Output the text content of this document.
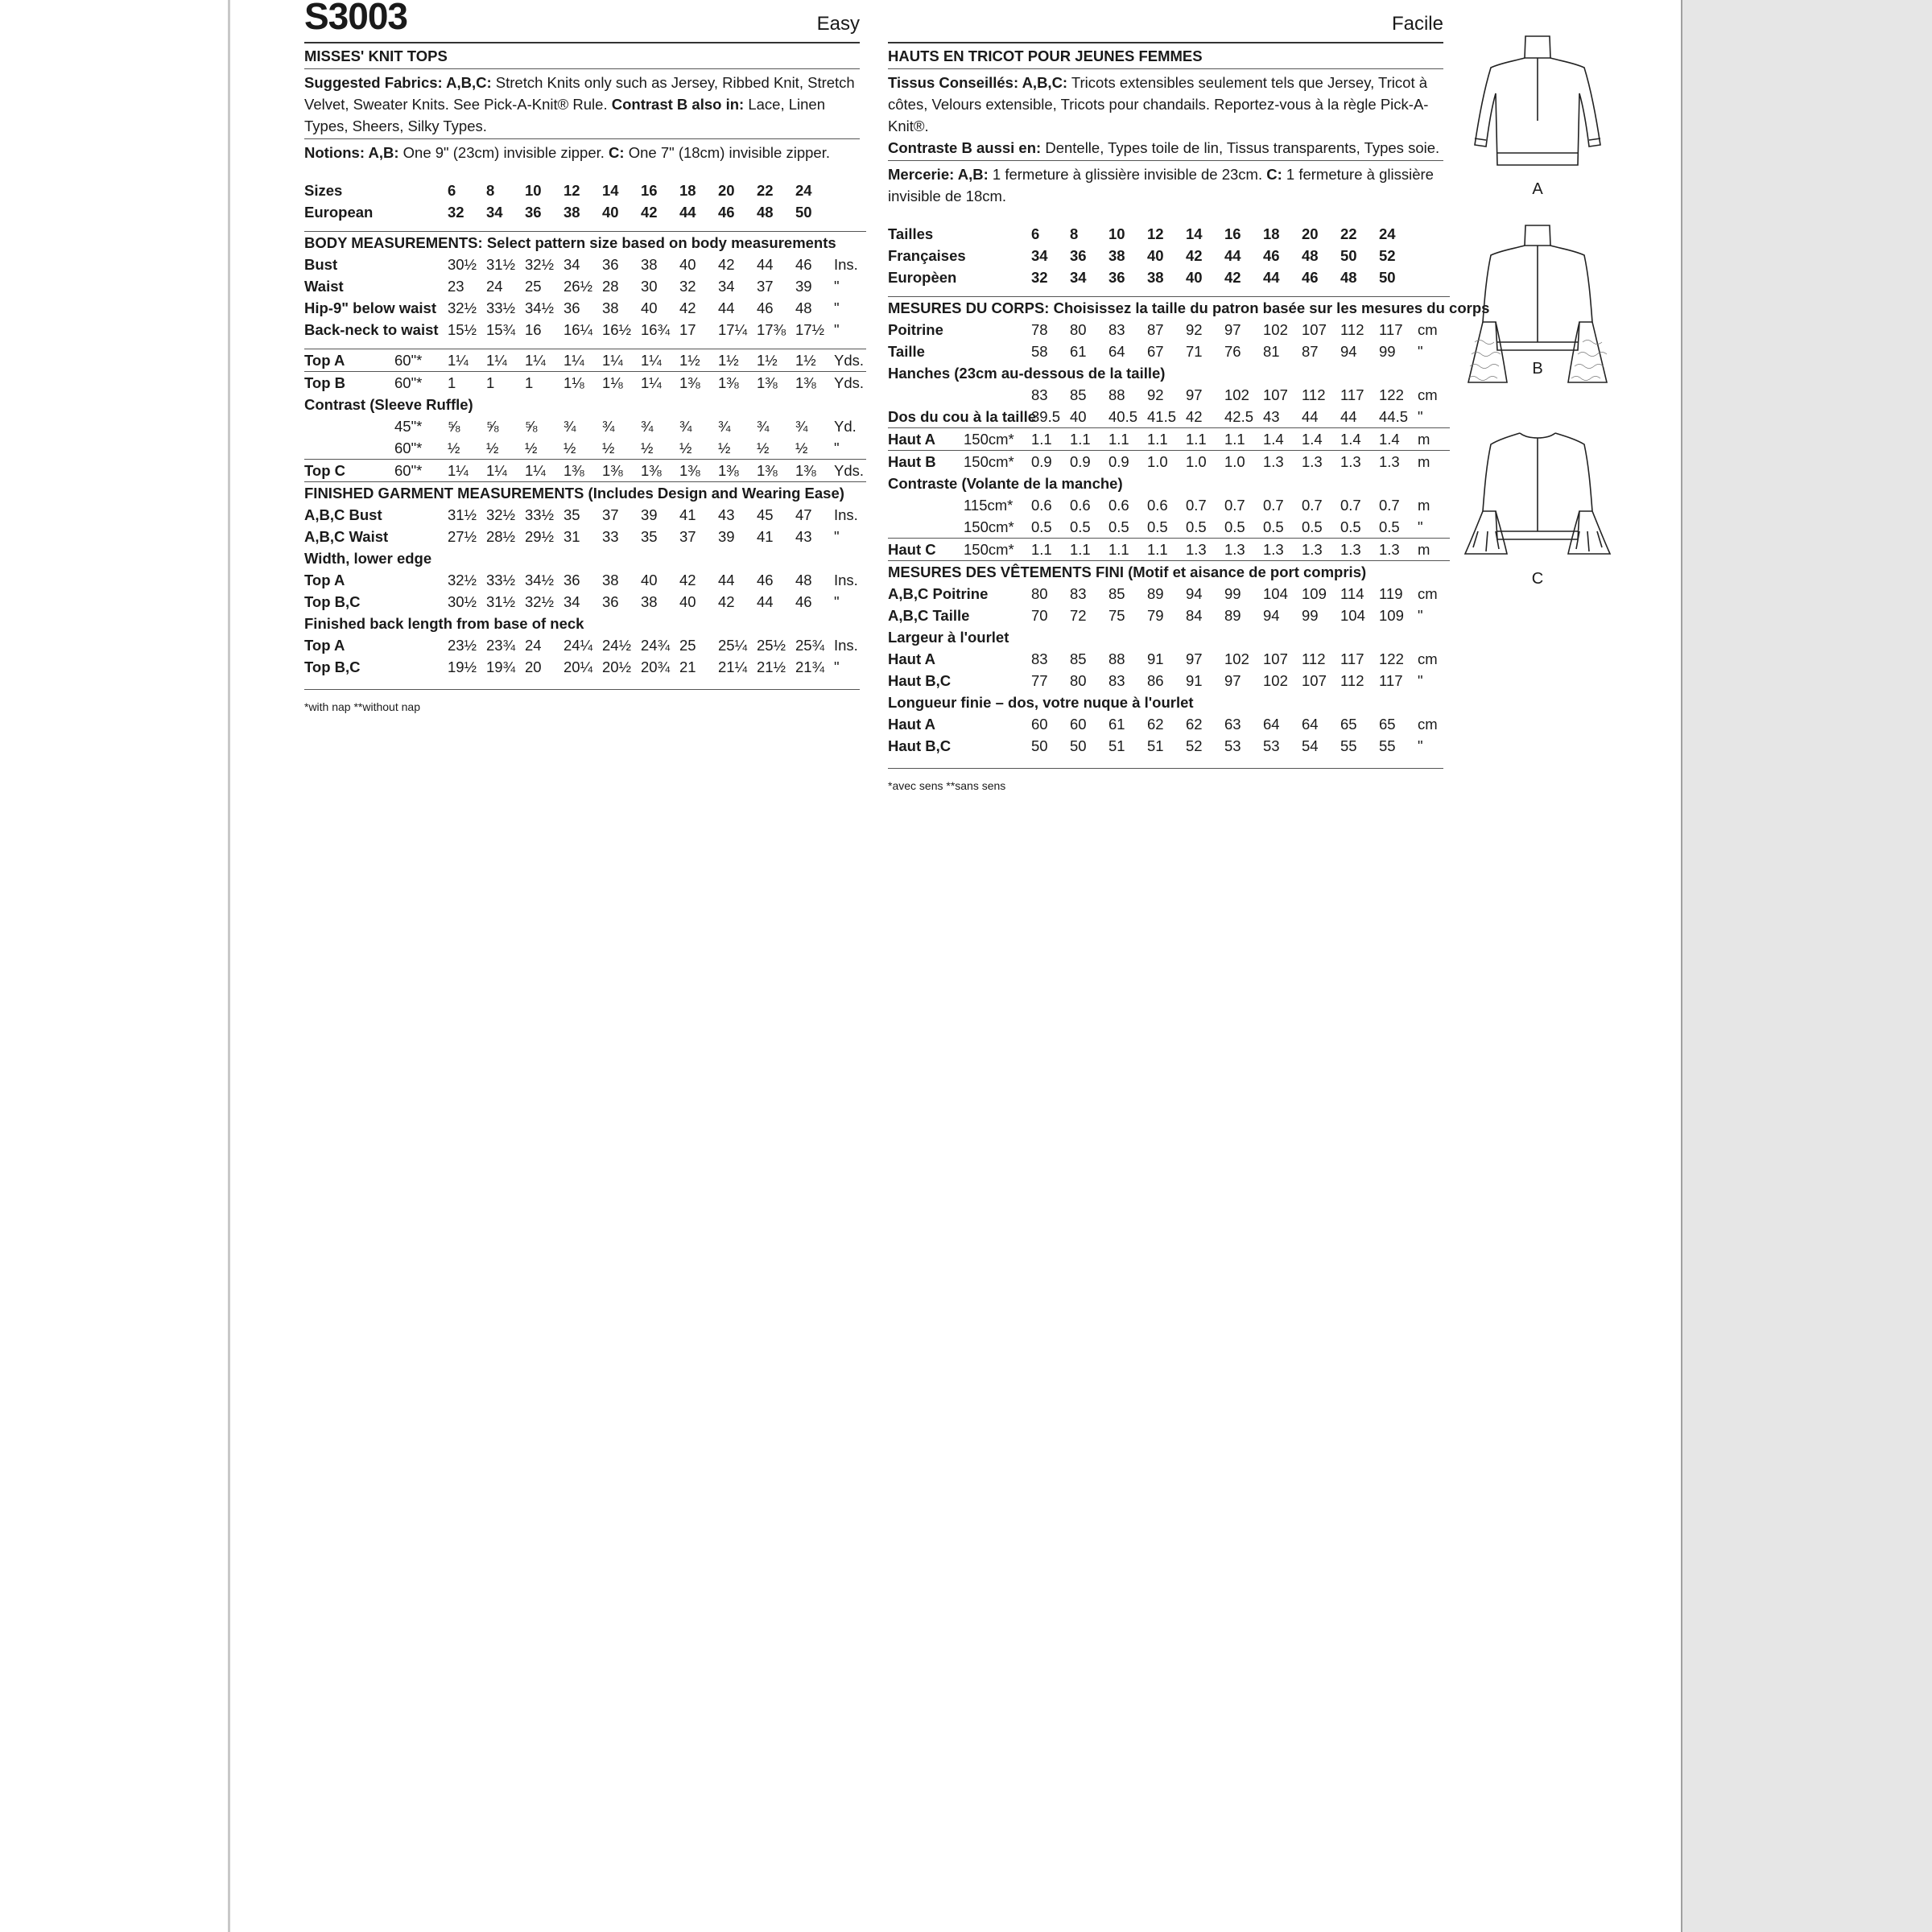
S3003	Easy
MISSES' KNIT TOPS
Suggested Fabrics: A,B,C: Stretch Knits only such as Jersey, Ribbed Knit, Stretch Velvet, Sweater Knits. See Pick-A-Knit® Rule. Contrast B also in: Lace, Linen Types, Sheers, Silky Types.
Notions: A,B: One 9" (23cm) invisible zipper. C: One 7" (18cm) invisible zipper.
Sizes		6	8	10	12	14	16	18	20	22	24	
European		32	34	36	38	40	42	44	46	48	50	

BODY MEASUREMENTS: Select pattern size based on body measurements												
Bust		30½	31½	32½	34	36	38	40	42	44	46	Ins.
Waist		23	24	25	26½	28	30	32	34	37	39	"
Hip-9" below waist		32½	33½	34½	36	38	40	42	44	46	48	"
Back-neck to waist		15½	15¾	16	16¼	16½	16¾	17	17¼	17⅜	17½	"

Top A	60"*	1¼	1¼	1¼	1¼	1¼	1¼	1½	1½	1½	1½	Yds.
Top B	60"*	1	1	1	1⅛	1⅛	1¼	1⅜	1⅜	1⅜	1⅜	Yds.
Contrast (Sleeve Ruffle)												
	45"*	⅝	⅝	⅝	¾	¾	¾	¾	¾	¾	¾	Yd.
	60"*	½	½	½	½	½	½	½	½	½	½	"
Top C	60"*	1¼	1¼	1¼	1⅜	1⅜	1⅜	1⅜	1⅜	1⅜	1⅜	Yds.
FINISHED GARMENT MEASUREMENTS (Includes Design and Wearing Ease)												
A,B,C Bust		31½	32½	33½	35	37	39	41	43	45	47	Ins.
A,B,C Waist		27½	28½	29½	31	33	35	37	39	41	43	"
Width, lower edge												
Top A		32½	33½	34½	36	38	40	42	44	46	48	Ins.
Top B,C		30½	31½	32½	34	36	38	40	42	44	46	"
Finished back length from base of neck												
Top A		23½	23¾	24	24¼	24½	24¾	25	25¼	25½	25¾	Ins.
Top B,C		19½	19¾	20	20¼	20½	20¾	21	21¼	21½	21¾	"
*with nap **without nap
Facile
HAUTS EN TRICOT POUR JEUNES FEMMES
Tissus Conseillés: A,B,C: Tricots extensibles seulement tels que Jersey, Tricot à côtes, Velours extensible, Tricots pour chandails. Reportez-vous à la règle Pick-A-Knit®.
Contraste B aussi en: Dentelle, Types toile de lin, Tissus transparents, Types soie.
Mercerie: A,B: 1 fermeture à glissière invisible de 23cm. C: 1 fermeture à glissière invisible de 18cm.
Tailles		6	8	10	12	14	16	18	20	22	24	
Françaises		34	36	38	40	42	44	46	48	50	52	
Europèen		32	34	36	38	40	42	44	46	48	50	

MESURES DU CORPS: Choisissez la taille du patron basée sur les mesures du corps												
Poitrine		78	80	83	87	92	97	102	107	112	117	cm
Taille		58	61	64	67	71	76	81	87	94	99	"
Hanches (23cm au-dessous de la taille)												
		83	85	88	92	97	102	107	112	117	122	cm
Dos du cou à la taille		39.5	40	40.5	41.5	42	42.5	43	44	44	44.5	"
Haut A	150cm*	1.1	1.1	1.1	1.1	1.1	1.1	1.4	1.4	1.4	1.4	m
Haut B	150cm*	0.9	0.9	0.9	1.0	1.0	1.0	1.3	1.3	1.3	1.3	m
Contraste (Volante de la manche)												
	115cm*	0.6	0.6	0.6	0.6	0.7	0.7	0.7	0.7	0.7	0.7	m
	150cm*	0.5	0.5	0.5	0.5	0.5	0.5	0.5	0.5	0.5	0.5	"
Haut C	150cm*	1.1	1.1	1.1	1.1	1.3	1.3	1.3	1.3	1.3	1.3	m
MESURES DES VÊTEMENTS FINI (Motif et aisance de port compris)												
A,B,C Poitrine		80	83	85	89	94	99	104	109	114	119	cm
A,B,C Taille		70	72	75	79	84	89	94	99	104	109	"
Largeur à l'ourlet												
Haut A		83	85	88	91	97	102	107	112	117	122	cm
Haut B,C		77	80	83	86	91	97	102	107	112	117	"
Longueur finie – dos, votre nuque à l'ourlet												
Haut A		60	60	61	62	62	63	64	64	65	65	cm
Haut B,C		50	50	51	51	52	53	53	54	55	55	"
*avec sens **sans sens
A
B
C
